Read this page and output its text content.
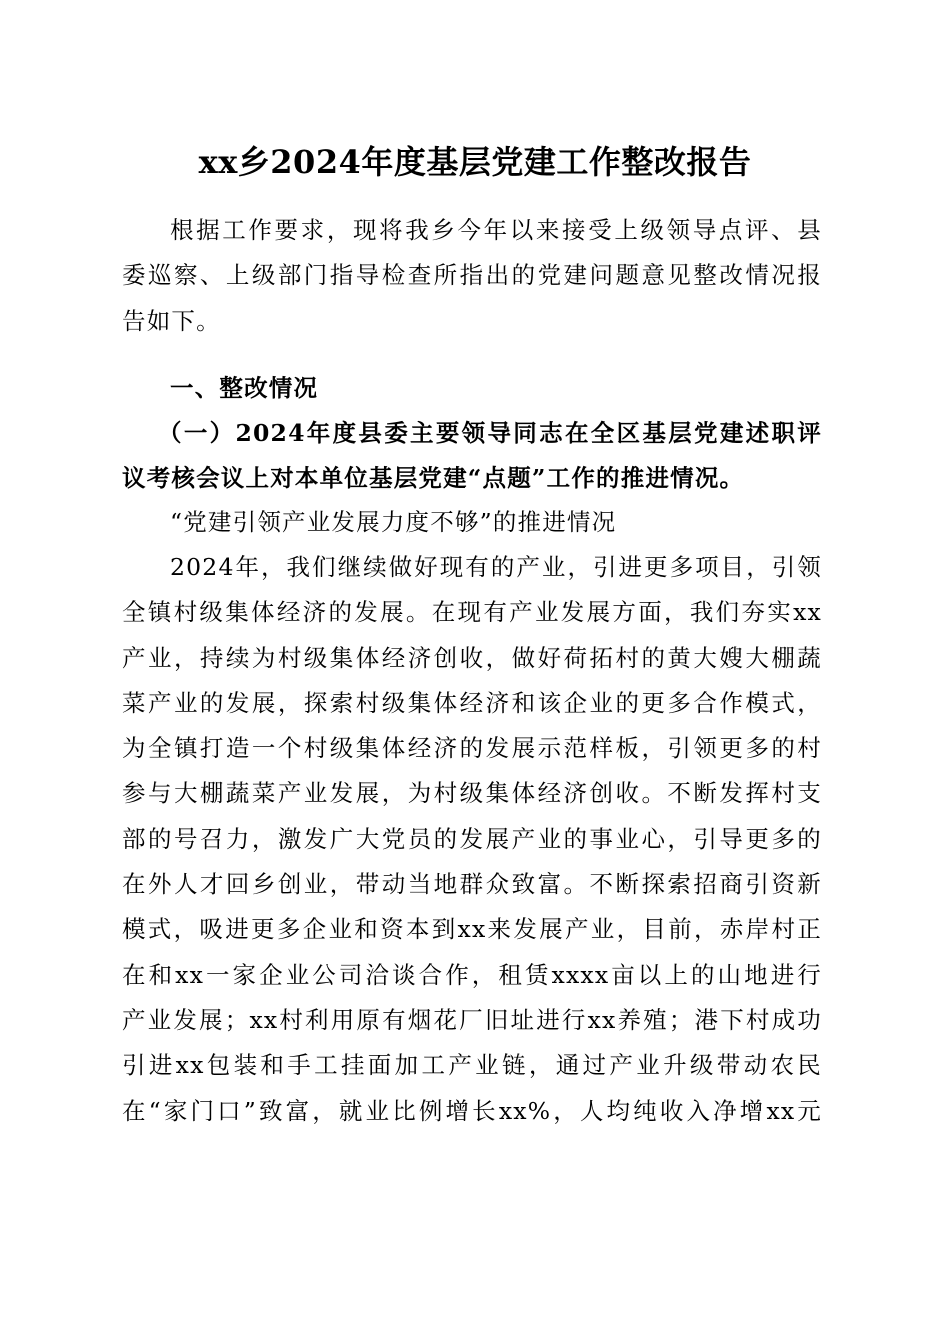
xx乡2024年度基层党建工作整改报告
根据工作要求，现将我乡今年以来接受上级领导点评、县
委巡察、上级部门指导检查所指出的党建问题意见整改情况报
告如下。
一、整改情况
（一）2024年度县委主要领导同志在全区基层党建述职评
议考核会议上对本单位基层党建“点题”工作的推进情况。
“党建引领产业发展力度不够”的推进情况
2024年，我们继续做好现有的产业，引进更多项目，引领
全镇村级集体经济的发展。在现有产业发展方面，我们夯实xx
产业，持续为村级集体经济创收，做好荷拓村的黄大嫂大棚蔬
菜产业的发展，探索村级集体经济和该企业的更多合作模式，
为全镇打造一个村级集体经济的发展示范样板，引领更多的村
参与大棚蔬菜产业发展，为村级集体经济创收。不断发挥村支
部的号召力，激发广大党员的发展产业的事业心，引导更多的
在外人才回乡创业，带动当地群众致富。不断探索招商引资新
模式，吸进更多企业和资本到xx来发展产业，目前，赤岸村正
在和xx一家企业公司洽谈合作，租赁xxxx亩以上的山地进行
产业发展；xx村利用原有烟花厂旧址进行xx养殖；港下村成功
引进xx包装和手工挂面加工产业链，通过产业升级带动农民
在“家门口”致富，就业比例增长xx%，人均纯收入净增xx元
